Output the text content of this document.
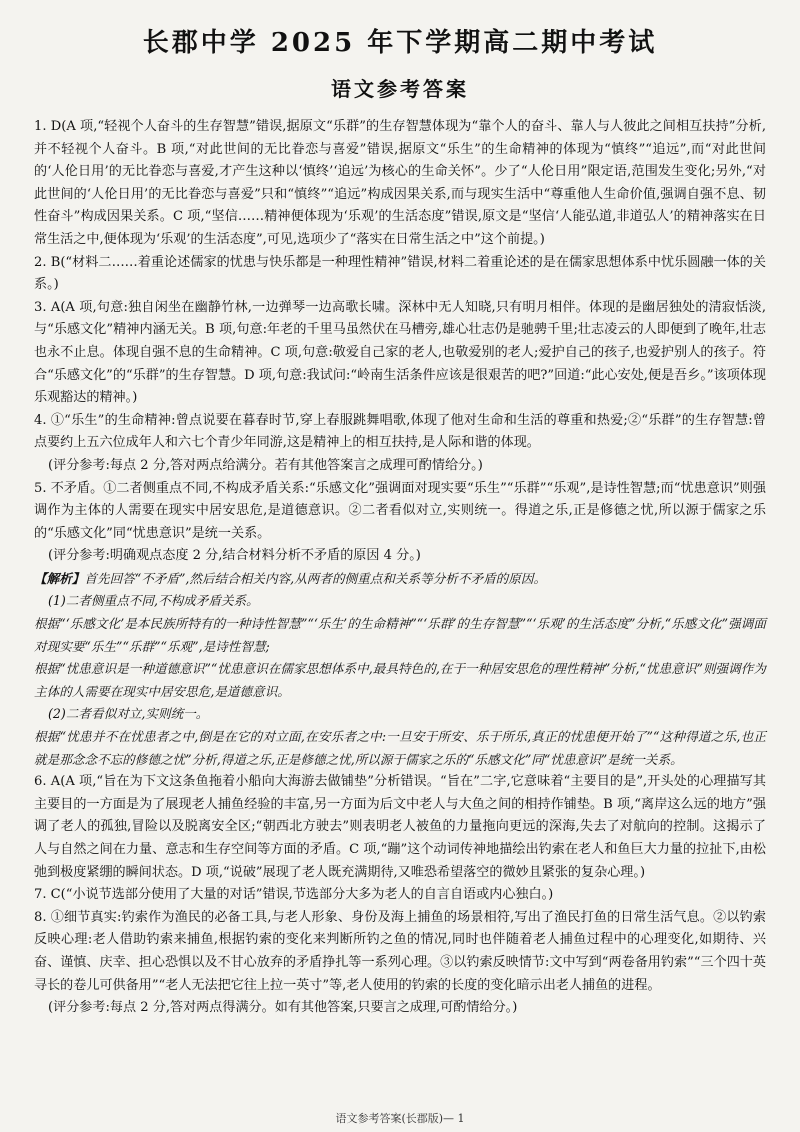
长郡中学 2025 年下学期高二期中考试
语文参考答案

1. D(A 项,“轻视个人奋斗的生存智慧”错误,据原文“乐群”的生存智慧体现为“靠个人的奋斗、靠人与人彼此之间相互扶持”分析,并不轻视个人奋斗。B 项,“对此世间的无比眷恋与喜爱”错误,据原文“乐生”的生命精神的体现为“慎终”“追远”,而“对此世间的‘人伦日用’的无比眷恋与喜爱,才产生这种以‘慎终’‘追远’为核心的生命关怀”。少了“人伦日用”限定语,范围发生变化;另外,“对此世间的‘人伦日用’的无比眷恋与喜爱”只和“慎终”“追远”构成因果关系,而与现实生活中“尊重他人生命价值,强调自强不息、韧性奋斗”构成因果关系。C 项,“坚信……精神便体现为‘乐观’的生活态度”错误,原文是“坚信‘人能弘道,非道弘人’的精神落实在日常生活之中,便体现为‘乐观’的生活态度”,可见,选项少了“落实在日常生活之中”这个前提。)

2. B(“材料二……着重论述儒家的忧患与快乐都是一种理性精神”错误,材料二着重论述的是在儒家思想体系中忧乐圆融一体的关系。)

3. A(A 项,句意:独自闲坐在幽静竹林,一边弹琴一边高歌长啸。深林中无人知晓,只有明月相伴。体现的是幽居独处的清寂恬淡,与“乐感文化”精神内涵无关。B 项,句意:年老的千里马虽然伏在马槽旁,雄心壮志仍是驰骋千里;壮志凌云的人即便到了晚年,壮志也永不止息。体现自强不息的生命精神。C 项,句意:敬爱自己家的老人,也敬爱别的老人;爱护自己的孩子,也爱护别人的孩子。符合“乐感文化”的“乐群”的生存智慧。D 项,句意:我试问:“岭南生活条件应该是很艰苦的吧?”回道:“此心安处,便是吾乡。”该项体现乐观豁达的精神。)

4. ①“乐生”的生命精神:曾点说要在暮春时节,穿上春服跳舞唱歌,体现了他对生命和生活的尊重和热爱;②“乐群”的生存智慧:曾点要约上五六位成年人和六七个青少年同游,这是精神上的相互扶持,是人际和谐的体现。

(评分参考:每点 2 分,答对两点给满分。若有其他答案言之成理可酌情给分。)

5. 不矛盾。①二者侧重点不同,不构成矛盾关系:“乐感文化”强调面对现实要“乐生”“乐群”“乐观”,是诗性智慧;而“忧患意识”则强调作为主体的人需要在现实中居安思危,是道德意识。②二者看似对立,实则统一。得道之乐,正是修德之忧,所以源于儒家之乐的“乐感文化”同“忧患意识”是统一关系。

(评分参考:明确观点态度 2 分,结合材料分析不矛盾的原因 4 分。)

【解析】首先回答“不矛盾”,然后结合相关内容,从两者的侧重点和关系等分析不矛盾的原因。

(1)二者侧重点不同,不构成矛盾关系。

根据“‘乐感文化’是本民族所特有的一种诗性智慧”“‘乐生’的生命精神”“‘乐群’的生存智慧”“‘乐观’的生活态度”分析,“乐感文化”强调面对现实要“乐生”“乐群”“乐观”,是诗性智慧;

根据“忧患意识是一种道德意识”“忧患意识在儒家思想体系中,最具特色的,在于一种居安思危的理性精神”分析,“忧患意识”则强调作为主体的人需要在现实中居安思危,是道德意识。

(2)二者看似对立,实则统一。

根据“忧患并不在忧患者之中,倒是在它的对立面,在安乐者之中:一旦安于所安、乐于所乐,真正的忧患便开始了”“这种得道之乐,也正就是那念念不忘的修德之忧”分析,得道之乐,正是修德之忧,所以源于儒家之乐的“乐感文化”同“忧患意识”是统一关系。

6. A(A 项,“旨在为下文这条鱼拖着小船向大海游去做铺垫”分析错误。“旨在”二字,它意味着“主要目的是”,开头处的心理描写其主要目的一方面是为了展现老人捕鱼经验的丰富,另一方面为后文中老人与大鱼之间的相持作铺垫。B 项,“离岸这么远的地方”强调了老人的孤独,冒险以及脱离安全区;“朝西北方驶去”则表明老人被鱼的力量拖向更远的深海,失去了对航向的控制。这揭示了人与自然之间在力量、意志和生存空间等方面的矛盾。C 项,“蹦”这个动词传神地描绘出钓索在老人和鱼巨大力量的拉扯下,由松弛到极度紧绷的瞬间状态。D 项,“说破”展现了老人既充满期待,又唯恐希望落空的微妙且紧张的复杂心理。)

7. C(“小说节选部分使用了大量的对话”错误,节选部分大多为老人的自言自语或内心独白。)

8. ①细节真实:钓索作为渔民的必备工具,与老人形象、身份及海上捕鱼的场景相符,写出了渔民打鱼的日常生活气息。②以钓索反映心理:老人借助钓索来捕鱼,根据钓索的变化来判断所钓之鱼的情况,同时也伴随着老人捕鱼过程中的心理变化,如期待、兴奋、谨慎、庆幸、担心恐惧以及不甘心放弃的矛盾挣扎等一系列心理。③以钓索反映情节:文中写到“两卷备用钓索”“三个四十英寻长的卷儿可供备用”“老人无法把它往上拉一英寸”等,老人使用的钓索的长度的变化暗示出老人捕鱼的进程。

(评分参考:每点 2 分,答对两点得满分。如有其他答案,只要言之成理,可酌情给分。)

语文参考答案(长郡版)— 1
